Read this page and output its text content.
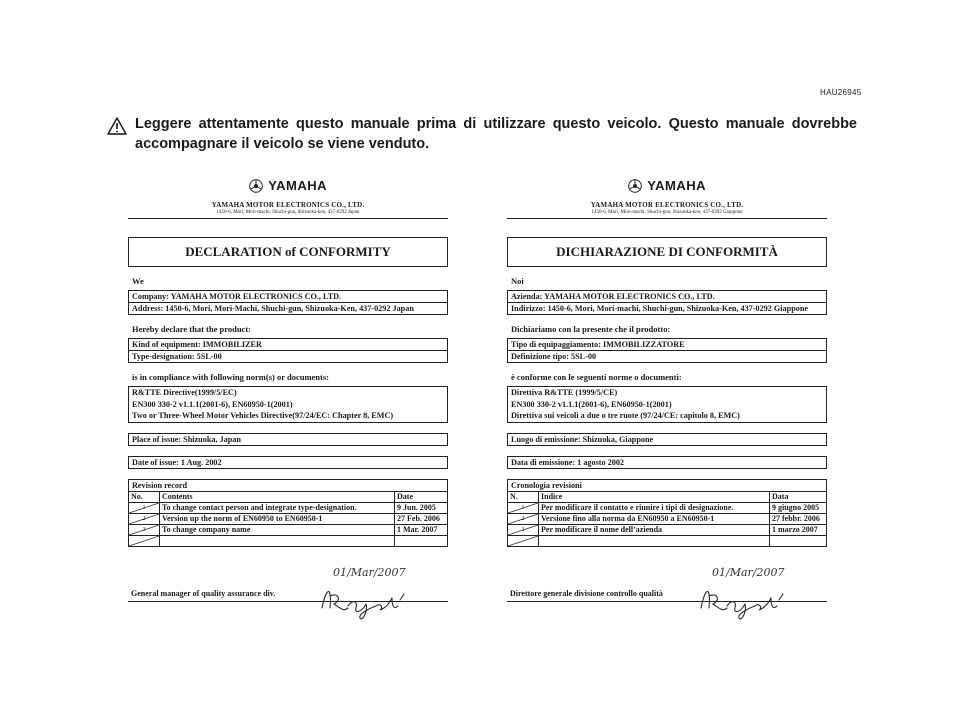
HAU26945
Leggere attentamente questo manuale prima di utilizzare questo veicolo. Questo manuale dovrebbe accompagnare il veicolo se viene venduto.
YAMAHA
YAMAHA MOTOR ELECTRONICS CO., LTD.
1450-6, Mori, Mori-machi, Shuchi-gun, Shizuoka-ken, 437-0292 Japan
DECLARATION of CONFORMITY
We
Company: YAMAHA MOTOR ELECTRONICS CO., LTD.
Address: 1450-6, Mori, Mori-Machi, Shuchi-gun, Shizuoka-Ken, 437-0292 Japan
Hereby declare that the product:
Kind of equipment: IMMOBILIZER
Type-designation: 5SL-00
is in compliance with following norm(s) or documents:
R&TTE Directive(1999/5/EC)
EN300 330-2 v1.1.1(2001-6), EN60950-1(2001)
Two or Three-Wheel Motor Vehicles Directive(97/24/EC: Chapter 8, EMC)
Place of issue: Shizuoka, Japan
Date of issue: 1 Aug. 2002
Revision record
No.	Contents	Date

1	To change contact person and integrate type-designation.	9 Jun. 2005

2	Version up the norm of EN60950 to EN60950-1	27 Feb. 2006

3	To change company name	1 Mar. 2007

General manager of quality assurance div.
YAMAHA
YAMAHA MOTOR ELECTRONICS CO., LTD.
1450-6, Mori, Mori-machi, Shuchi-gun, Shizuoka-ken, 437-0292 Giappone
DICHIARAZIONE DI CONFORMITÀ
Noi
Azienda: YAMAHA MOTOR ELECTRONICS CO., LTD.
Indirizzo: 1450-6, Mori, Mori-machi, Shuchi-gun, Shizuoka-Ken, 437-0292 Giappone
Dichiariamo con la presente che il prodotto:
Tipo di equipaggiamento: IMMOBILIZZATORE
Definizione tipo: 5SL-00
è conforme con le seguenti norme o documenti:
Direttiva R&TTE (1999/5/CE)
EN300 330-2 v1.1.1(2001-6), EN60950-1(2001)
Direttiva sui veicoli a due o tre ruote (97/24/CE: capitolo 8, EMC)
Luogo di emissione: Shizuoka, Giappone
Data di emissione: 1 agosto 2002
Cronologia revisioni
N.	Indice	Data

1	Per modificare il contatto e riunire i tipi di designazione.	9 giugno 2005

2	Versione fino alla norma da EN60950 a EN60950-1	27 febbr. 2006

3	Per modificare il nome dell’azienda	1 marzo 2007

Direttore generale divisione controllo qualità
01/Mar/2007	01/Mar/2007
